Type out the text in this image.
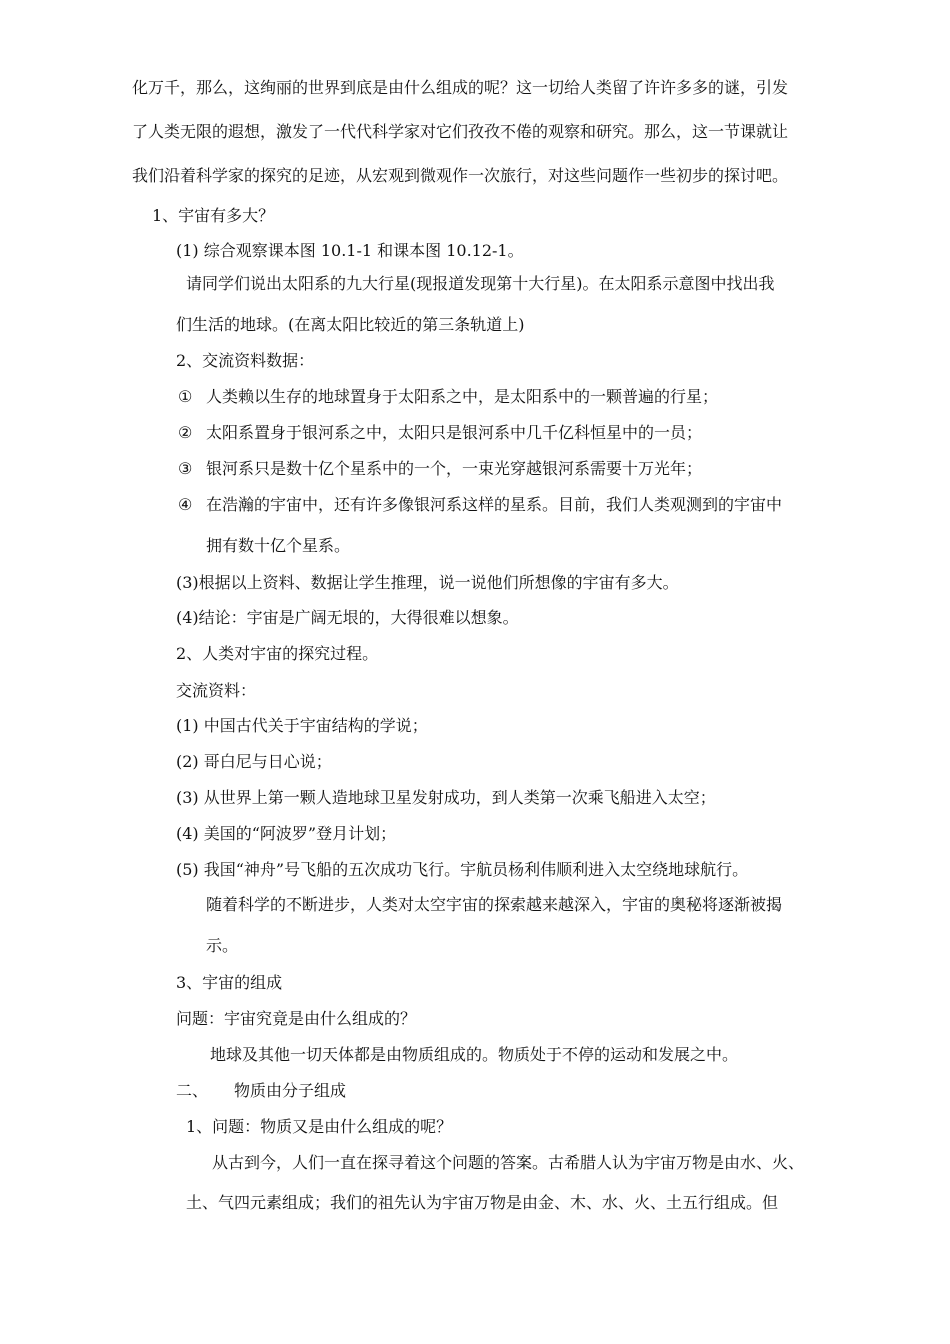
化万千，那么，这绚丽的世界到底是由什么组成的呢？这一切给人类留了许许多多的谜，引发
了人类无限的遐想，激发了一代代科学家对它们孜孜不倦的观察和研究。那么，这一节课就让
我们沿着科学家的探究的足迹，从宏观到微观作一次旅行，对这些问题作一些初步的探讨吧。
1、宇宙有多大？
(1) 综合观察课本图 10.1-1 和课本图 10.12-1。
请同学们说出太阳系的九大行星(现报道发现第十大行星)。在太阳系示意图中找出我
们生活的地球。(在离太阳比较近的第三条轨道上)
2、交流资料数据：
① 人类赖以生存的地球置身于太阳系之中，是太阳系中的一颗普遍的行星；
② 太阳系置身于银河系之中，太阳只是银河系中几千亿科恒星中的一员；
③ 银河系只是数十亿个星系中的一个，一束光穿越银河系需要十万光年；
④ 在浩瀚的宇宙中，还有许多像银河系这样的星系。目前，我们人类观测到的宇宙中
拥有数十亿个星系。
(3)根据以上资料、数据让学生推理，说一说他们所想像的宇宙有多大。
(4)结论：宇宙是广阔无垠的，大得很难以想象。
2、人类对宇宙的探究过程。
交流资料：
(1) 中国古代关于宇宙结构的学说；
(2) 哥白尼与日心说；
(3) 从世界上第一颗人造地球卫星发射成功，到人类第一次乘飞船进入太空；
(4) 美国的“阿波罗”登月计划；
(5) 我国“神舟”号飞船的五次成功飞行。宇航员杨利伟顺利进入太空绕地球航行。
随着科学的不断进步，人类对太空宇宙的探索越来越深入，宇宙的奥秘将逐渐被揭
示。
3、宇宙的组成
问题：宇宙究竟是由什么组成的？
地球及其他一切天体都是由物质组成的。物质处于不停的运动和发展之中。
二、 物质由分子组成
1、问题：物质又是由什么组成的呢？
从古到今，人们一直在探寻着这个问题的答案。古希腊人认为宇宙万物是由水、火、
土、气四元素组成；我们的祖先认为宇宙万物是由金、木、水、火、土五行组成。但
